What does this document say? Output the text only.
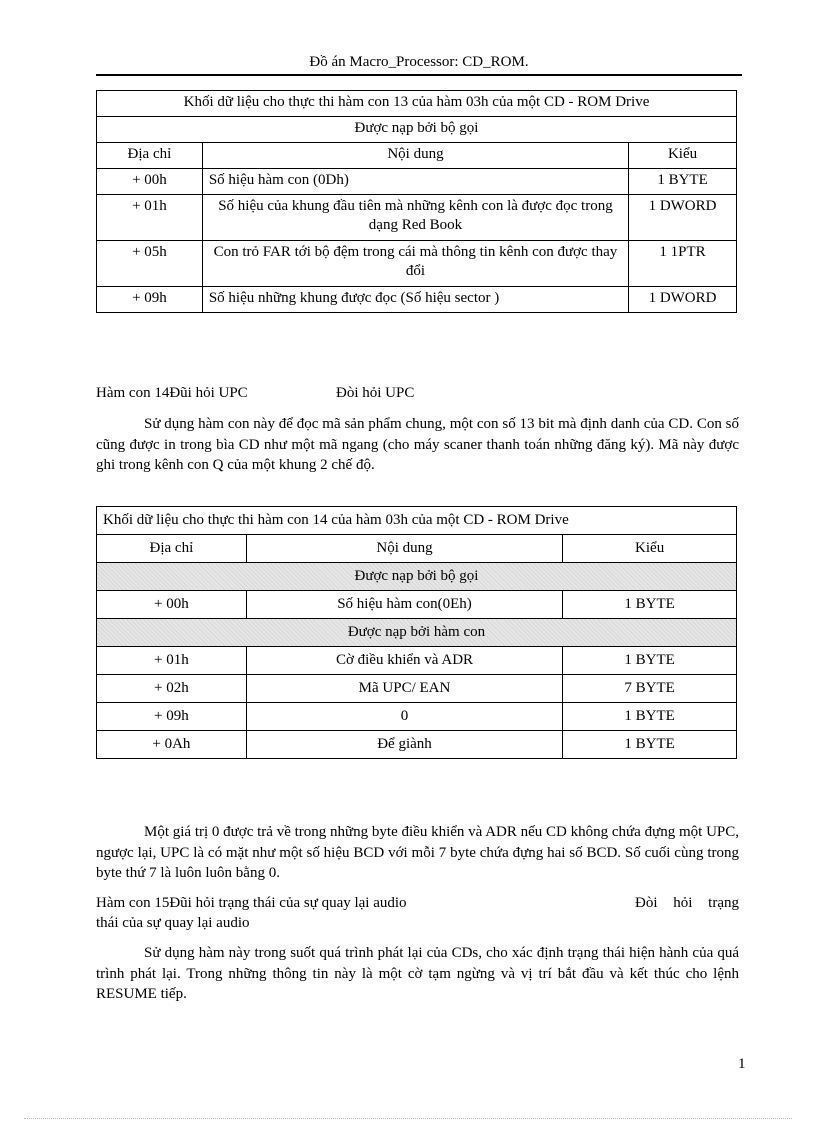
Đồ án Macro_Processor: CD_ROM.
Khối dữ liệu cho thực thi hàm con 13 của hàm 03h của một CD - ROM Drive		
Được nạp bởi bộ gọi		
Địa chỉ	Nội dung	Kiểu
+ 00h	Số hiệu hàm con (0Dh)	1 BYTE
+ 01h	Số hiệu của khung đầu tiên mà những kênh con là được đọc trong dạng Red Book	1 DWORD
+ 05h	Con trỏ FAR tới bộ đệm trong cái mà thông tin kênh con được thay đổi	1 1PTR
+ 09h	Số hiệu những khung được đọc (Số hiệu sector )	1 DWORD
Hàm con 14Đũi hỏi UPC	Đòi hỏi UPC
Sử dụng hàm con này để đọc mã sản phẩm chung, một con số 13 bit mà định danh của CD. Con số cũng được in trong bìa CD như một mã ngang (cho máy scaner thanh toán những đăng ký). Mã này được ghi trong kênh con Q của một khung 2 chế độ.
Khối dữ liệu cho thực thi hàm con 14 của hàm 03h của một CD - ROM Drive		
Địa chỉ	Nội dung	Kiểu
Được nạp bởi bộ gọi		
+ 00h	Số hiệu hàm con(0Eh)	1 BYTE
Được nạp bởi hàm con		
+ 01h	Cờ điều khiển và ADR	1 BYTE
+ 02h	Mã UPC/ EAN	7 BYTE
+ 09h	0	1 BYTE
+ 0Ah	Để giành	1 BYTE
Một giá trị 0 được trả về trong những byte điều khiển và ADR nếu CD không chứa đựng một UPC, ngược lại, UPC là có mặt như một số hiệu BCD với mỗi 7 byte chứa đựng hai số BCD. Số cuối cùng trong byte thứ 7 là luôn luôn bằng 0.
Hàm con 15Đũi hỏi trạng thái của sự quay lại audio	Đòi hỏi trạng
thái của sự quay lại audio
Sử dụng hàm này trong suốt quá trình phát lại của CDs, cho xác định trạng thái hiện hành của quá trình phát lại. Trong những thông tin này là một cờ tạm ngừng và vị trí bắt đầu và kết thúc cho lệnh RESUME tiếp.
1
